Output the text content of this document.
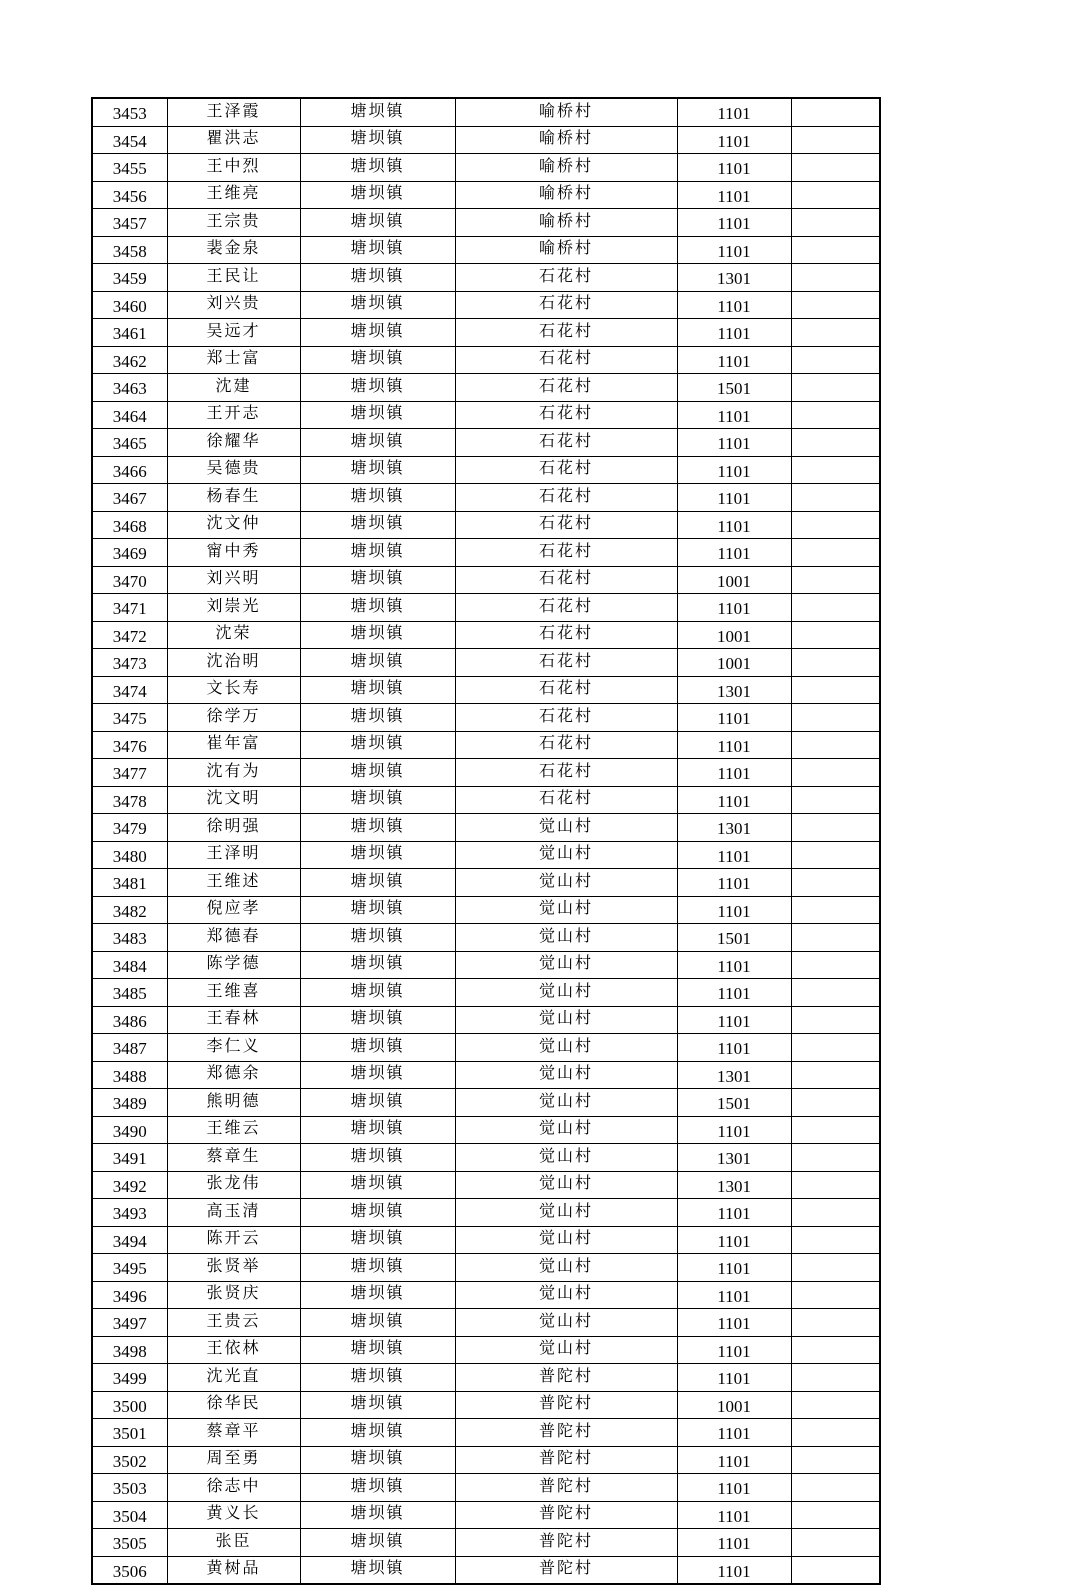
3453	王泽霞	塘坝镇	喻桥村	1101	
3454	瞿洪志	塘坝镇	喻桥村	1101	
3455	王中烈	塘坝镇	喻桥村	1101	
3456	王维亮	塘坝镇	喻桥村	1101	
3457	王宗贵	塘坝镇	喻桥村	1101	
3458	裴金泉	塘坝镇	喻桥村	1101	
3459	王民让	塘坝镇	石花村	1301	
3460	刘兴贵	塘坝镇	石花村	1101	
3461	吴远才	塘坝镇	石花村	1101	
3462	郑士富	塘坝镇	石花村	1101	
3463	沈建	塘坝镇	石花村	1501	
3464	王开志	塘坝镇	石花村	1101	
3465	徐耀华	塘坝镇	石花村	1101	
3466	吴德贵	塘坝镇	石花村	1101	
3467	杨春生	塘坝镇	石花村	1101	
3468	沈文仲	塘坝镇	石花村	1101	
3469	甯中秀	塘坝镇	石花村	1101	
3470	刘兴明	塘坝镇	石花村	1001	
3471	刘崇光	塘坝镇	石花村	1101	
3472	沈荣	塘坝镇	石花村	1001	
3473	沈治明	塘坝镇	石花村	1001	
3474	文长寿	塘坝镇	石花村	1301	
3475	徐学万	塘坝镇	石花村	1101	
3476	崔年富	塘坝镇	石花村	1101	
3477	沈有为	塘坝镇	石花村	1101	
3478	沈文明	塘坝镇	石花村	1101	
3479	徐明强	塘坝镇	觉山村	1301	
3480	王泽明	塘坝镇	觉山村	1101	
3481	王维述	塘坝镇	觉山村	1101	
3482	倪应孝	塘坝镇	觉山村	1101	
3483	郑德春	塘坝镇	觉山村	1501	
3484	陈学德	塘坝镇	觉山村	1101	
3485	王维喜	塘坝镇	觉山村	1101	
3486	王春林	塘坝镇	觉山村	1101	
3487	李仁义	塘坝镇	觉山村	1101	
3488	郑德余	塘坝镇	觉山村	1301	
3489	熊明德	塘坝镇	觉山村	1501	
3490	王维云	塘坝镇	觉山村	1101	
3491	蔡章生	塘坝镇	觉山村	1301	
3492	张龙伟	塘坝镇	觉山村	1301	
3493	高玉清	塘坝镇	觉山村	1101	
3494	陈开云	塘坝镇	觉山村	1101	
3495	张贤举	塘坝镇	觉山村	1101	
3496	张贤庆	塘坝镇	觉山村	1101	
3497	王贵云	塘坝镇	觉山村	1101	
3498	王依林	塘坝镇	觉山村	1101	
3499	沈光直	塘坝镇	普陀村	1101	
3500	徐华民	塘坝镇	普陀村	1001	
3501	蔡章平	塘坝镇	普陀村	1101	
3502	周至勇	塘坝镇	普陀村	1101	
3503	徐志中	塘坝镇	普陀村	1101	
3504	黄义长	塘坝镇	普陀村	1101	
3505	张臣	塘坝镇	普陀村	1101	
3506	黄树品	塘坝镇	普陀村	1101	
